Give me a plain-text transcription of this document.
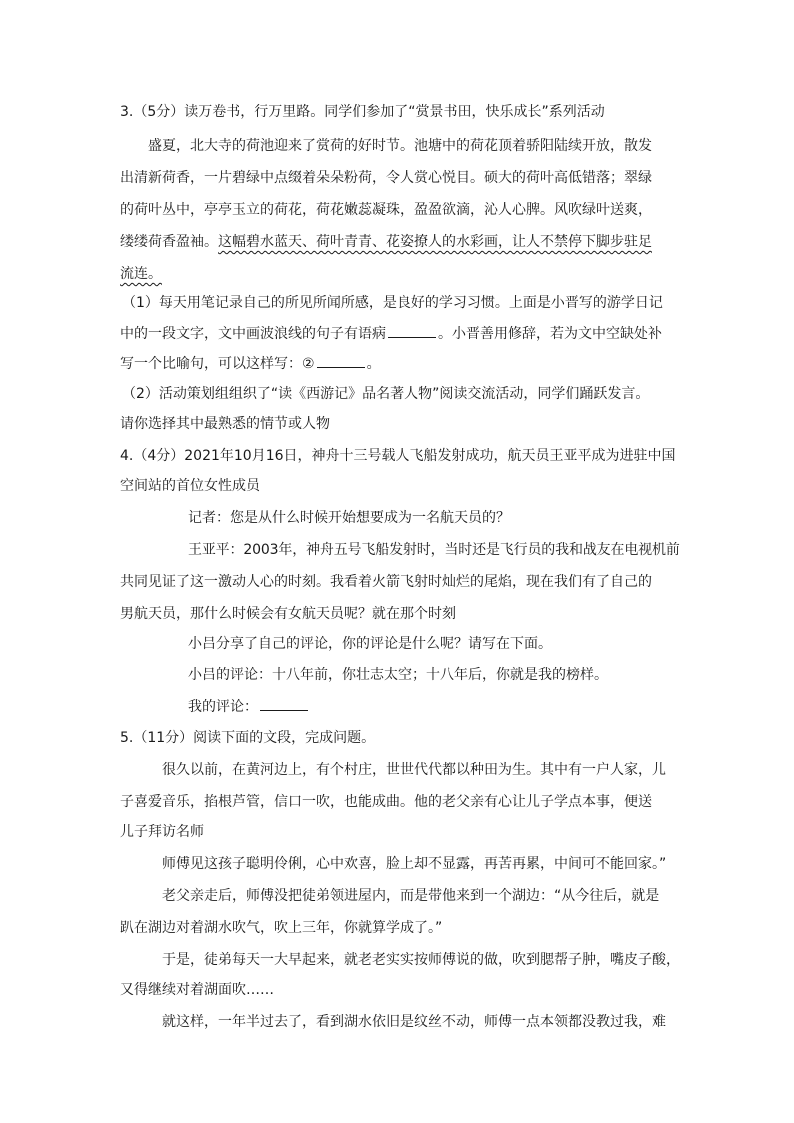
3.（5分）读万卷书，行万里路。同学们参加了“赏景书田，快乐成长”系列活动
盛夏，北大寺的荷池迎来了赏荷的好时节。池塘中的荷花顶着骄阳陆续开放，散发
出清新荷香，一片碧绿中点缀着朵朵粉荷，令人赏心悦目。硕大的荷叶高低错落；翠绿
的荷叶丛中，亭亭玉立的荷花，荷花嫩蕊凝珠，盈盈欲滴，沁人心脾。风吹绿叶送爽，
缕缕荷香盈袖。这幅碧水蓝天、荷叶青青、花姿撩人的水彩画，让人不禁停下脚步驻足
流连。
（1）每天用笔记录自己的所见所闻所感，是良好的学习习惯。上面是小晋写的游学日记
中的一段文字，文中画波浪线的句子有语病	。小晋善用修辞，若为文中空缺处补
写一个比喻句，可以这样写：②	。
（2）活动策划组组织了“读《西游记》品名著人物”阅读交流活动，同学们踊跃发言。
请你选择其中最熟悉的情节或人物
4.（4分）2021年10月16日，神舟十三号载人飞船发射成功，航天员王亚平成为进驻中国
空间站的首位女性成员
记者：您是从什么时候开始想要成为一名航天员的？
王亚平：2003年，神舟五号飞船发射时，当时还是飞行员的我和战友在电视机前
共同见证了这一激动人心的时刻。我看着火箭飞射时灿烂的尾焰，现在我们有了自己的
男航天员，那什么时候会有女航天员呢？就在那个时刻
小吕分享了自己的评论，你的评论是什么呢？请写在下面。
小吕的评论：十八年前，你壮志太空；十八年后，你就是我的榜样。
我的评论：
5.（11分）阅读下面的文段，完成问题。
很久以前，在黄河边上，有个村庄，世世代代都以种田为生。其中有一户人家，儿
子喜爱音乐，掐根芦管，信口一吹，也能成曲。他的老父亲有心让儿子学点本事，便送
儿子拜访名师
师傅见这孩子聪明伶俐，心中欢喜，脸上却不显露，再苦再累，中间可不能回家。”
老父亲走后，师傅没把徒弟领进屋内，而是带他来到一个湖边：“从今往后，就是
趴在湖边对着湖水吹气，吹上三年，你就算学成了。”
于是，徒弟每天一大早起来，就老老实实按师傅说的做，吹到腮帮子肿，嘴皮子酸，
又得继续对着湖面吹……
就这样，一年半过去了，看到湖水依旧是纹丝不动，师傅一点本领都没教过我，难
